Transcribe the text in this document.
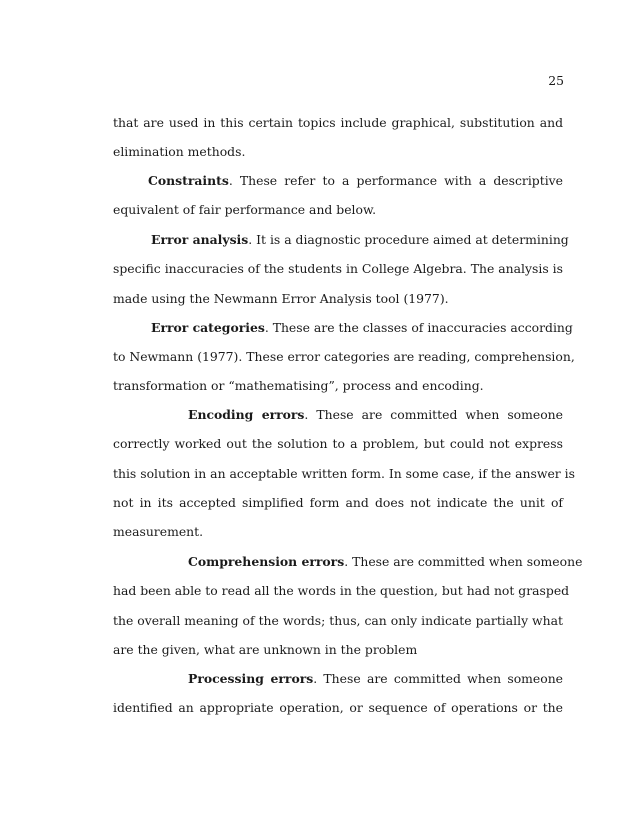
25
that are used in this certain topics include graphical, substitution and
elimination methods.
Constraints. These refer to a performance with a descriptive
equivalent of fair performance and below.
Error analysis. It is a diagnostic procedure aimed at determining
specific inaccuracies of the students in College Algebra. The analysis is
made using the Newmann Error Analysis tool (1977).
Error categories. These are the classes of inaccuracies according
to Newmann (1977). These error categories are reading, comprehension,
transformation or “mathematising”, process and encoding.
Encoding errors. These are committed when someone
correctly worked out the solution to a problem, but could not express
this solution in an acceptable written form. In some case, if the answer is
not in its accepted simplified form and does not indicate the unit of
measurement.
Comprehension errors. These are committed when someone
had been able to read all the words in the question, but had not grasped
the overall meaning of the words; thus, can only indicate partially what
are the given, what are unknown in the problem
Processing errors. These are committed when someone
identified an appropriate operation, or sequence of operations or the
